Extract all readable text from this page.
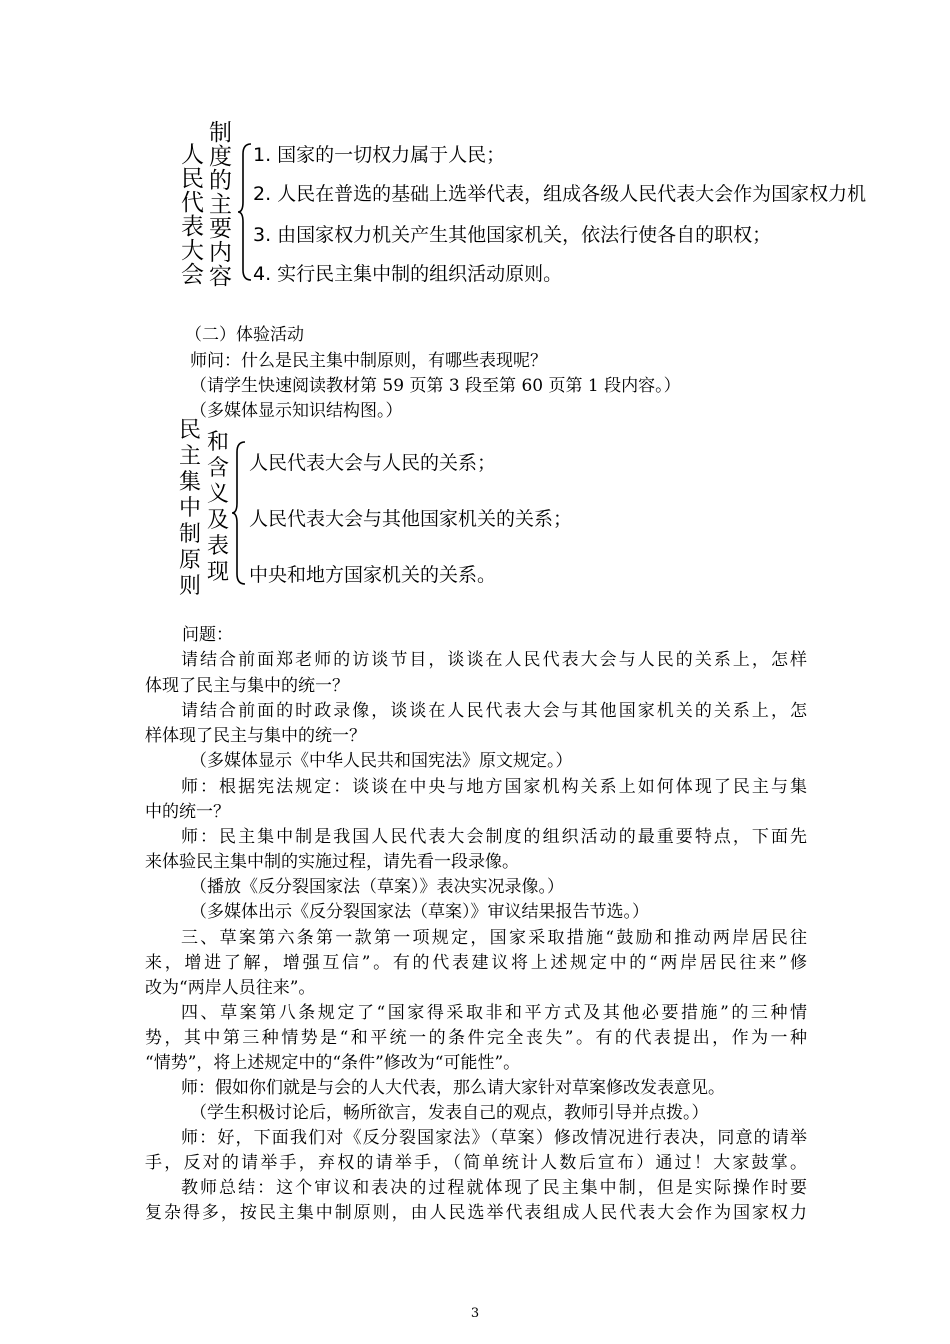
人
民
代
表
大
会
制
度
的
主
要
内
容
1. 国家的一切权力属于人民；
2. 人民在普选的基础上选举代表，组成各级人民代表大会作为国家权力机
3. 由国家权力机关产生其他国家机关，依法行使各自的职权；
4. 实行民主集中制的组织活动原则。
（二）体验活动
师问：什么是民主集中制原则，有哪些表现呢？
（请学生快速阅读教材第 59 页第 3 段至第 60 页第 1 段内容。）
（多媒体显示知识结构图。）
民
主
集
中
制
原
则
和
含
义
及
表
现
人民代表大会与人民的关系；
人民代表大会与其他国家机关的关系；
中央和地方国家机关的关系。
问题：
请结合前面郑老师的访谈节目，谈谈在人民代表大会与人民的关系上，怎样
体现了民主与集中的统一？
请结合前面的时政录像，谈谈在人民代表大会与其他国家机关的关系上，怎
样体现了民主与集中的统一？
（多媒体显示《中华人民共和国宪法》原文规定。）
师：根据宪法规定：谈谈在中央与地方国家机构关系上如何体现了民主与集
中的统一？
师：民主集中制是我国人民代表大会制度的组织活动的最重要特点，下面先
来体验民主集中制的实施过程，请先看一段录像。
（播放《反分裂国家法（草案）》表决实况录像。）
（多媒体出示《反分裂国家法（草案）》审议结果报告节选。）
三、草案第六条第一款第一项规定，国家采取措施“鼓励和推动两岸居民往
来，增进了解，增强互信”。有的代表建议将上述规定中的“两岸居民往来”修
改为“两岸人员往来”。
四、草案第八条规定了“国家得采取非和平方式及其他必要措施”的三种情
势，其中第三种情势是“和平统一的条件完全丧失”。有的代表提出，作为一种
“情势”，将上述规定中的“条件”修改为“可能性”。
师：假如你们就是与会的人大代表，那么请大家针对草案修改发表意见。
（学生积极讨论后，畅所欲言，发表自己的观点，教师引导并点拨。）
师：好，下面我们对《反分裂国家法》（草案）修改情况进行表决，同意的请举
手，反对的请举手，弃权的请举手，（简单统计人数后宣布）通过！大家鼓掌。
教师总结：这个审议和表决的过程就体现了民主集中制，但是实际操作时要
复杂得多，按民主集中制原则，由人民选举代表组成人民代表大会作为国家权力
3
